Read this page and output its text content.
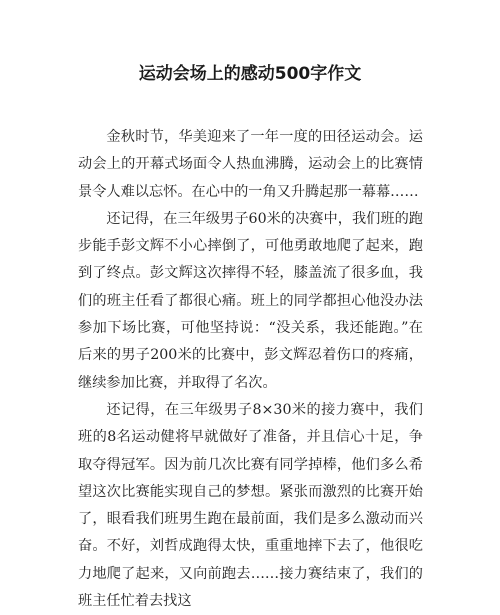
运动会场上的感动500字作文

金秋时节，华美迎来了一年一度的田径运动会。运动会上的开幕式场面令人热血沸腾，运动会上的比赛情景令人难以忘怀。在心中的一角又升腾起那一幕幕……

还记得，在三年级男子60米的决赛中，我们班的跑步能手彭文辉不小心摔倒了，可他勇敢地爬了起来，跑到了终点。彭文辉这次摔得不轻，膝盖流了很多血，我们的班主任看了都很心痛。班上的同学都担心他没办法参加下场比赛，可他坚持说：“没关系，我还能跑。”在后来的男子200米的比赛中，彭文辉忍着伤口的疼痛，继续参加比赛，并取得了名次。

还记得，在三年级男子8×30米的接力赛中，我们班的8名运动健将早就做好了准备，并且信心十足，争取夺得冠军。因为前几次比赛有同学掉棒，他们多么希望这次比赛能实现自己的梦想。紧张而激烈的比赛开始了，眼看我们班男生跑在最前面，我们是多么激动而兴奋。不好，刘哲成跑得太快，重重地摔下去了，他很吃力地爬了起来，又向前跑去……接力赛结束了，我们的班主任忙着去找这
